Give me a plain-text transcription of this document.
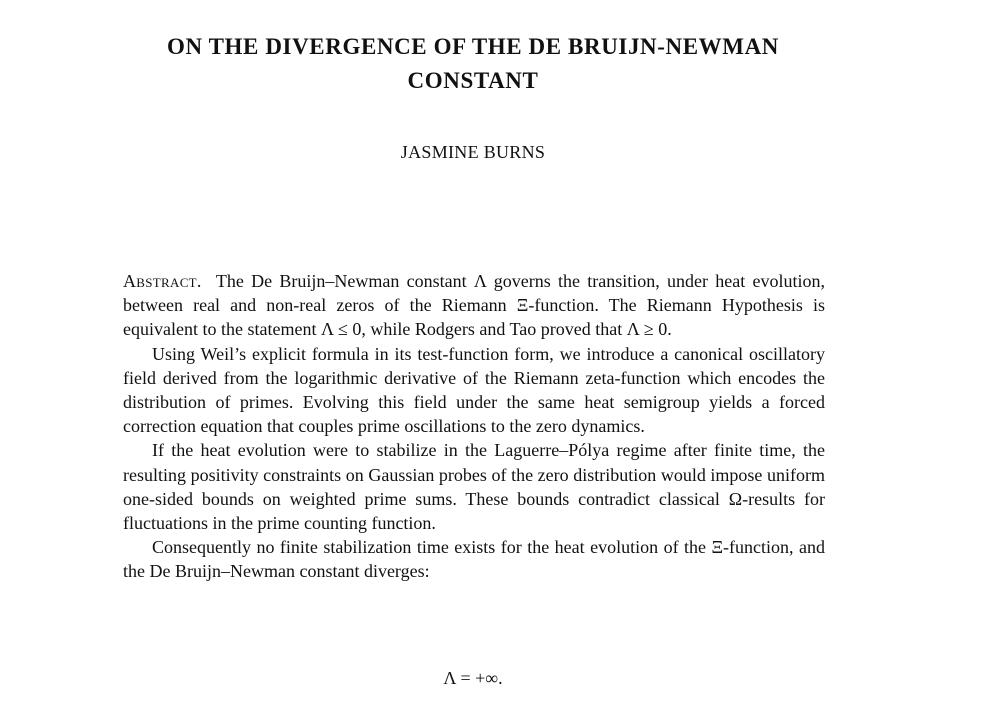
ON THE DIVERGENCE OF THE DE BRUIJN-NEWMAN
CONSTANT
JASMINE BURNS

Abstract. The De Bruijn–Newman constant Λ governs the transition, under heat evolution, between real and non-real zeros of the Riemann Ξ-function. The Riemann Hypothesis is equivalent to the statement Λ ≤ 0, while Rodgers and Tao proved that Λ ≥ 0.

Using Weil’s explicit formula in its test-function form, we introduce a canonical oscillatory field derived from the logarithmic derivative of the Riemann zeta-function which encodes the distribution of primes. Evolving this field under the same heat semigroup yields a forced correction equation that couples prime oscillations to the zero dynamics.

If the heat evolution were to stabilize in the Laguerre–Pólya regime after finite time, the resulting positivity constraints on Gaussian probes of the zero distribution would impose uniform one-sided bounds on weighted prime sums. These bounds contradict classical Ω-results for fluctuations in the prime counting function.

Consequently no finite stabilization time exists for the heat evolution of the Ξ-function, and the De Bruijn–Newman constant diverges:

Λ = +∞.
